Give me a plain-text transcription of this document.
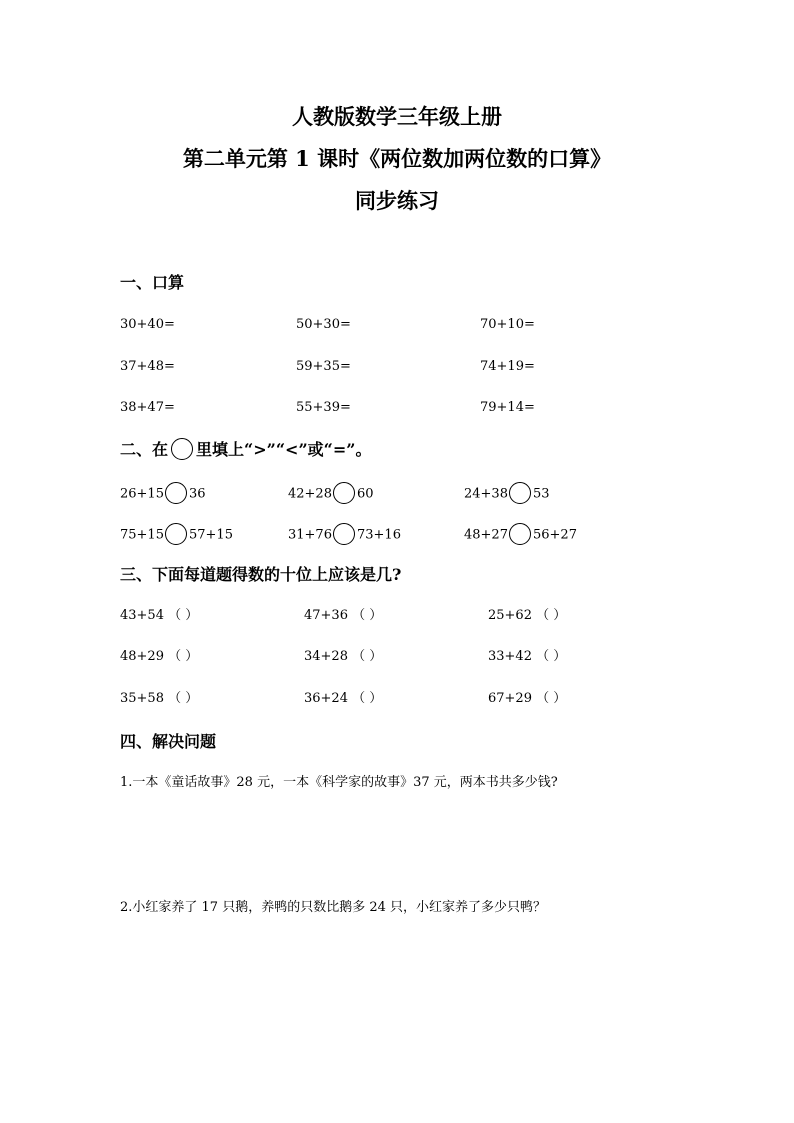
人教版数学三年级上册
第二单元第 1 课时《两位数加两位数的口算》
同步练习
一、口算
30+40=	50+30=	70+10=
37+48=	59+35=	74+19=
38+47=	55+39=	79+14=
二、在 里填上“>”“<”或“=”。
26+15 36	42+28 60	24+38 53
75+15 57+15	31+76 73+16	48+27 56+27
三、下面每道题得数的十位上应该是几?
43+54 （ ）	47+36 （ ）	25+62 （ ）
48+29 （ ）	34+28 （ ）	33+42 （ ）
35+58 （ ）	36+24 （ ）	67+29 （ ）
四、解决问题
1.一本《童话故事》28 元，一本《科学家的故事》37 元，两本书共多少钱?
2.小红家养了 17 只鹅，养鸭的只数比鹅多 24 只，小红家养了多少只鸭？
